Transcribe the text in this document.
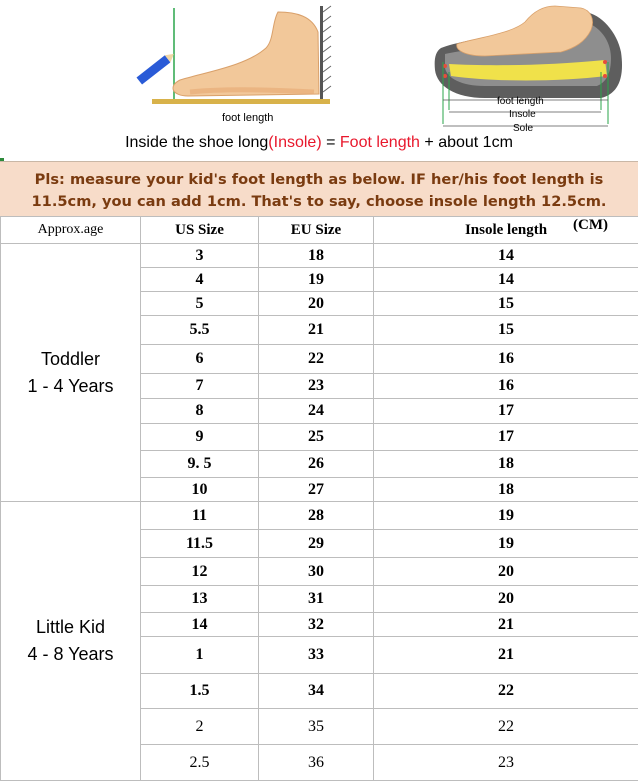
foot length
foot length
Insole
Sole
Inside the shoe long(Insole) = Foot length + about 1cm

Pls: measure your kid's foot length as below. IF her/his foot length is
11.5cm, you can add 1cm. That's to say, choose insole length 12.5cm.

Approx.age	US Size	EU Size	Insole length (CM)

Toddler
1 - 4 Years	3	18	14
	4	19	14
	5	20	15
	5.5	21	15
	6	22	16
	7	23	16
	8	24	17
	9	25	17
	9. 5	26	18
	10	27	18
Little Kid
4 - 8 Years	11	28	19
	11.5	29	19
	12	30	20
	13	31	20
	14	32	21
	1	33	21
	1.5	34	22
	2	35	22
	2.5	36	23
